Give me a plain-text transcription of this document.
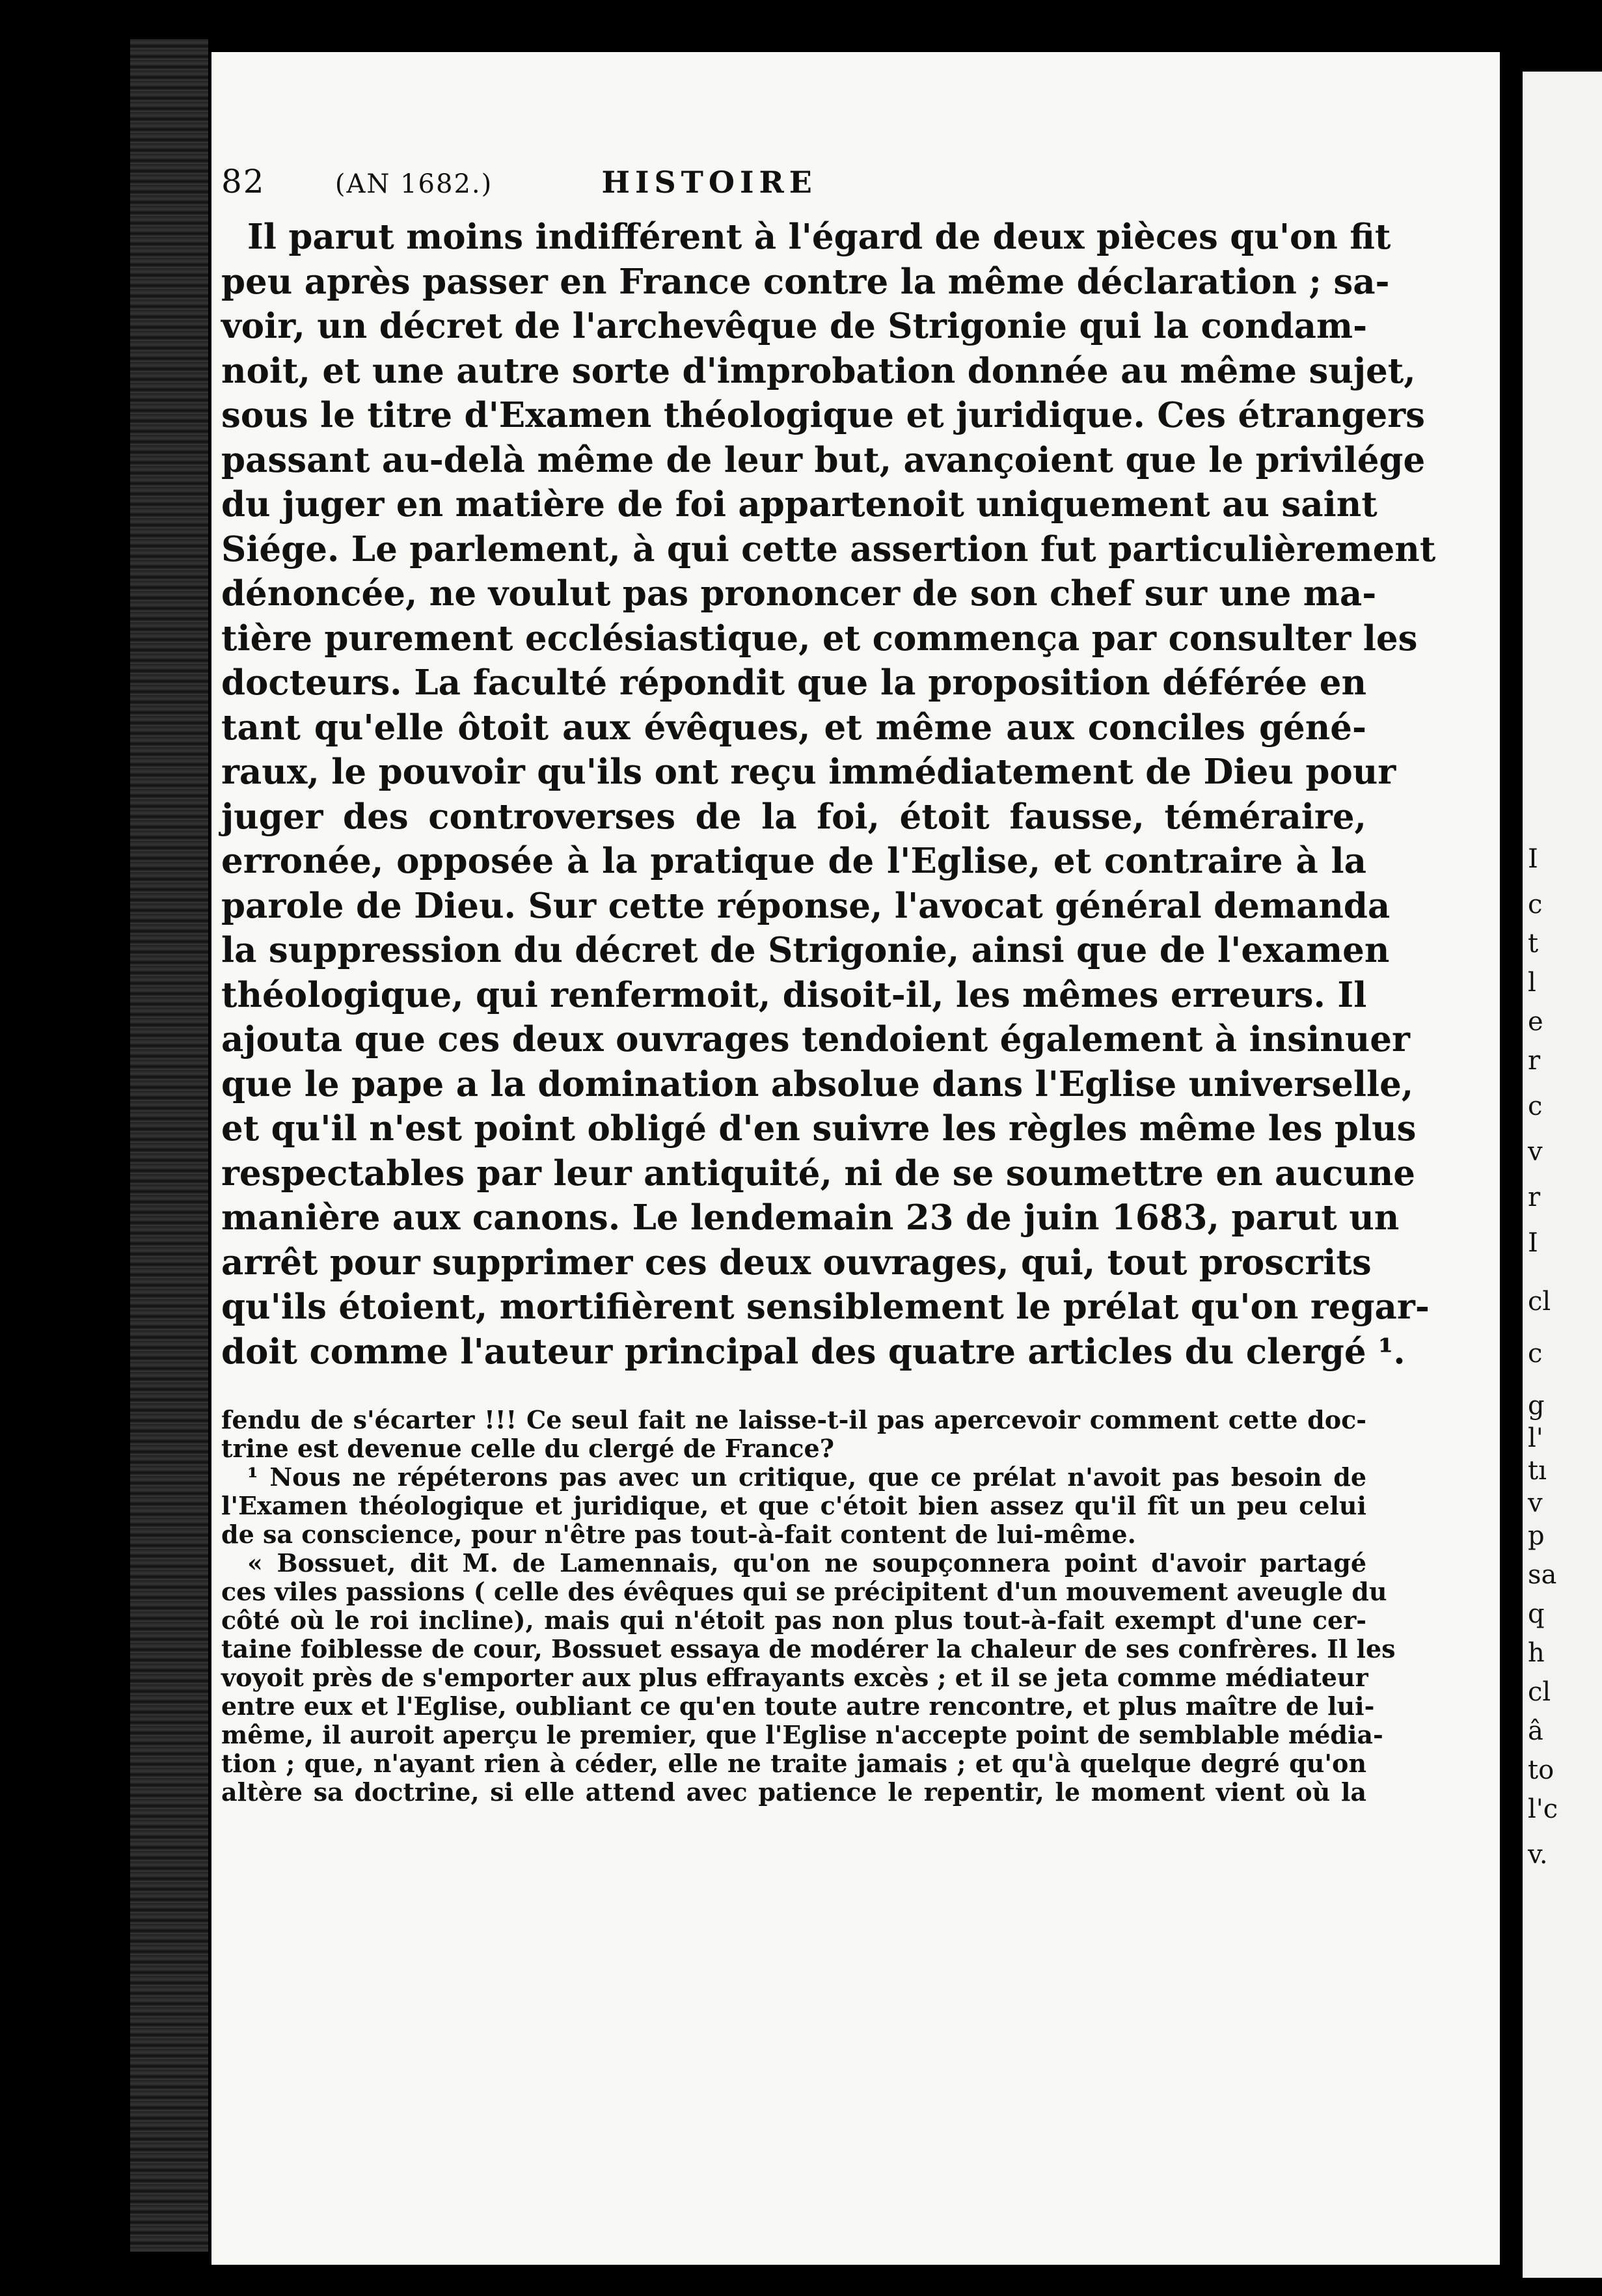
I
c
t
l
e
r
c
v
r
I
cl
c
g
l'
tı
v
p
sa
q
h
cl
â
to
l'c
v.
82	(AN 1682.)	HISTOIRE
Il parut moins indifférent à l'égard de deux pièces qu'on fit
peu après passer en France contre la même déclaration ; sa-
voir, un décret de l'archevêque de Strigonie qui la condam-
noit, et une autre sorte d'improbation donnée au même sujet,
sous le titre d'Examen théologique et juridique. Ces étrangers
passant au-delà même de leur but, avançoient que le privilége
du juger en matière de foi appartenoit uniquement au saint
Siége. Le parlement, à qui cette assertion fut particulièrement
dénoncée, ne voulut pas prononcer de son chef sur une ma-
tière purement ecclésiastique, et commença par consulter les
docteurs. La faculté répondit que la proposition déférée en
tant qu'elle ôtoit aux évêques, et même aux conciles géné-
raux, le pouvoir qu'ils ont reçu immédiatement de Dieu pour
juger des controverses de la foi, étoit fausse, téméraire,
erronée, opposée à la pratique de l'Eglise, et contraire à la
parole de Dieu. Sur cette réponse, l'avocat général demanda
la suppression du décret de Strigonie, ainsi que de l'examen
théologique, qui renfermoit, disoit-il, les mêmes erreurs. Il
ajouta que ces deux ouvrages tendoient également à insinuer
que le pape a la domination absolue dans l'Eglise universelle,
et qu'il n'est point obligé d'en suivre les règles même les plus
respectables par leur antiquité, ni de se soumettre en aucune
manière aux canons. Le lendemain 23 de juin 1683, parut un
arrêt pour supprimer ces deux ouvrages, qui, tout proscrits
qu'ils étoient, mortifièrent sensiblement le prélat qu'on regar-
doit comme l'auteur principal des quatre articles du clergé ¹.
fendu de s'écarter !!! Ce seul fait ne laisse-t-il pas apercevoir comment cette doc-
trine est devenue celle du clergé de France?
¹ Nous ne répéterons pas avec un critique, que ce prélat n'avoit pas besoin de
l'Examen théologique et juridique, et que c'étoit bien assez qu'il fît un peu celui
de sa conscience, pour n'être pas tout-à-fait content de lui-même.
« Bossuet, dit M. de Lamennais, qu'on ne soupçonnera point d'avoir partagé
ces viles passions ( celle des évêques qui se précipitent d'un mouvement aveugle du
côté où le roi incline), mais qui n'étoit pas non plus tout-à-fait exempt d'une cer-
taine foiblesse de cour, Bossuet essaya de modérer la chaleur de ses confrères. Il les
voyoit près de s'emporter aux plus effrayants excès ; et il se jeta comme médiateur
entre eux et l'Eglise, oubliant ce qu'en toute autre rencontre, et plus maître de lui-
même, il auroit aperçu le premier, que l'Eglise n'accepte point de semblable média-
tion ; que, n'ayant rien à céder, elle ne traite jamais ; et qu'à quelque degré qu'on
altère sa doctrine, si elle attend avec patience le repentir, le moment vient où la
